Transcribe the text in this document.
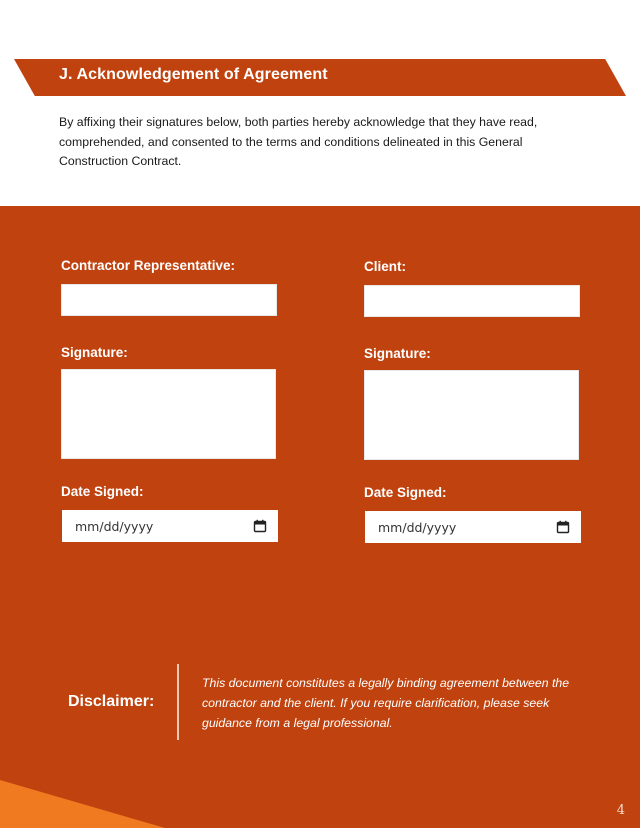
J. Acknowledgement of Agreement
By affixing their signatures below, both parties hereby acknowledge that they have read, comprehended, and consented to the terms and conditions delineated in this General Construction Contract.
Contractor Representative:
Signature:
Date Signed:
mm/dd/yyyy
Client:
Signature:
Date Signed:
mm/dd/yyyy
Disclaimer:
This document constitutes a legally binding agreement between the contractor and the client. If you require clarification, please seek guidance from a legal professional.
4
